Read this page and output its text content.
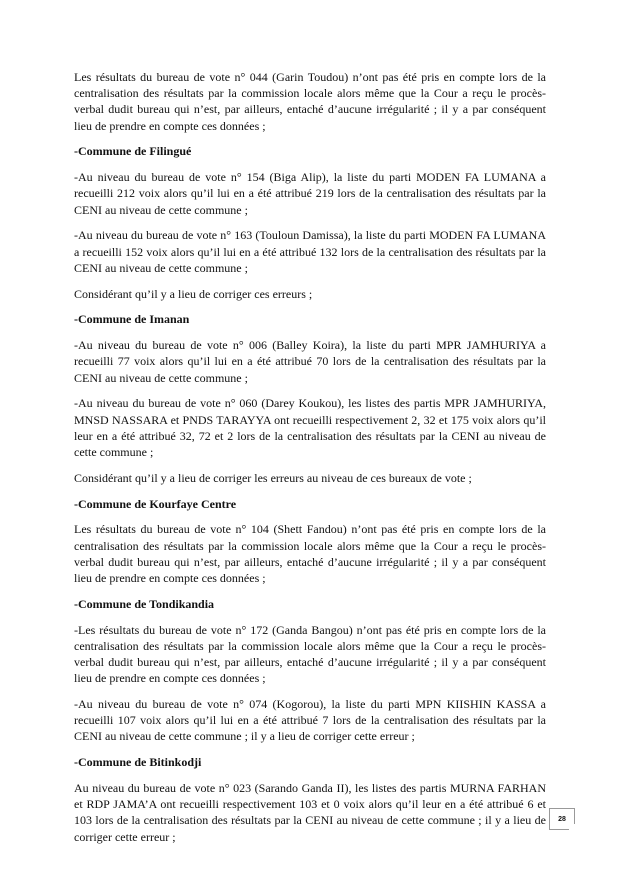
Les résultats du bureau de vote n° 044 (Garin Toudou) n’ont pas été pris en compte lors de la centralisation des résultats par la commission locale alors même que la Cour a reçu le procès-verbal dudit bureau qui n’est, par ailleurs, entaché d’aucune irrégularité ; il y a par conséquent lieu de prendre en compte ces données ;

-Commune de Filingué

-Au niveau du bureau de vote n° 154 (Biga Alip), la liste du parti MODEN FA LUMANA a recueilli 212 voix alors qu’il lui en a été attribué 219 lors de la centralisation des résultats par la CENI au niveau de cette commune ;

-Au niveau du bureau de vote n° 163 (Touloun Damissa), la liste du parti MODEN FA LUMANA a recueilli 152 voix alors qu’il lui en a été attribué 132 lors de la centralisation des résultats par la CENI au niveau de cette commune ;

Considérant qu’il y a lieu de corriger ces erreurs ;

-Commune de Imanan

-Au niveau du bureau de vote n° 006 (Balley Koira), la liste du parti MPR JAMHURIYA a recueilli 77 voix alors qu’il lui en a été attribué 70 lors de la centralisation des résultats par la CENI au niveau de cette commune ;

-Au niveau du bureau de vote n° 060 (Darey Koukou), les listes des partis MPR JAMHURIYA, MNSD NASSARA et PNDS TARAYYA ont recueilli respectivement 2, 32 et 175 voix alors qu’il leur en a été attribué 32, 72 et 2 lors de la centralisation des résultats par la CENI au niveau de cette commune ;

Considérant qu’il y a lieu de corriger les erreurs au niveau de ces bureaux de vote ;

-Commune de Kourfaye Centre

Les résultats du bureau de vote n° 104 (Shett Fandou) n’ont pas été pris en compte lors de la centralisation des résultats par la commission locale alors même que la Cour a reçu le procès-verbal dudit bureau qui n’est, par ailleurs, entaché d’aucune irrégularité ; il y a par conséquent lieu de prendre en compte ces données ;

-Commune de Tondikandia

-Les résultats du bureau de vote n° 172 (Ganda Bangou) n’ont pas été pris en compte lors de la centralisation des résultats par la commission locale alors même que la Cour a reçu le procès-verbal dudit bureau qui n’est, par ailleurs, entaché d’aucune irrégularité ; il y a par conséquent lieu de prendre en compte ces données ;

-Au niveau du bureau de vote n° 074 (Kogorou), la liste du parti MPN KIISHIN KASSA a recueilli 107 voix alors qu’il lui en a été attribué 7 lors de la centralisation des résultats par la CENI au niveau de cette commune ; il y a lieu de corriger cette erreur ;

-Commune de Bitinkodji

Au niveau du bureau de vote n° 023 (Sarando Ganda II), les listes des partis MURNA FARHAN et RDP JAMA’A ont recueilli respectivement 103 et 0 voix alors qu’il leur en a été attribué 6 et 103 lors de la centralisation des résultats par la CENI au niveau de cette commune ; il y a lieu de corriger cette erreur ;

28
